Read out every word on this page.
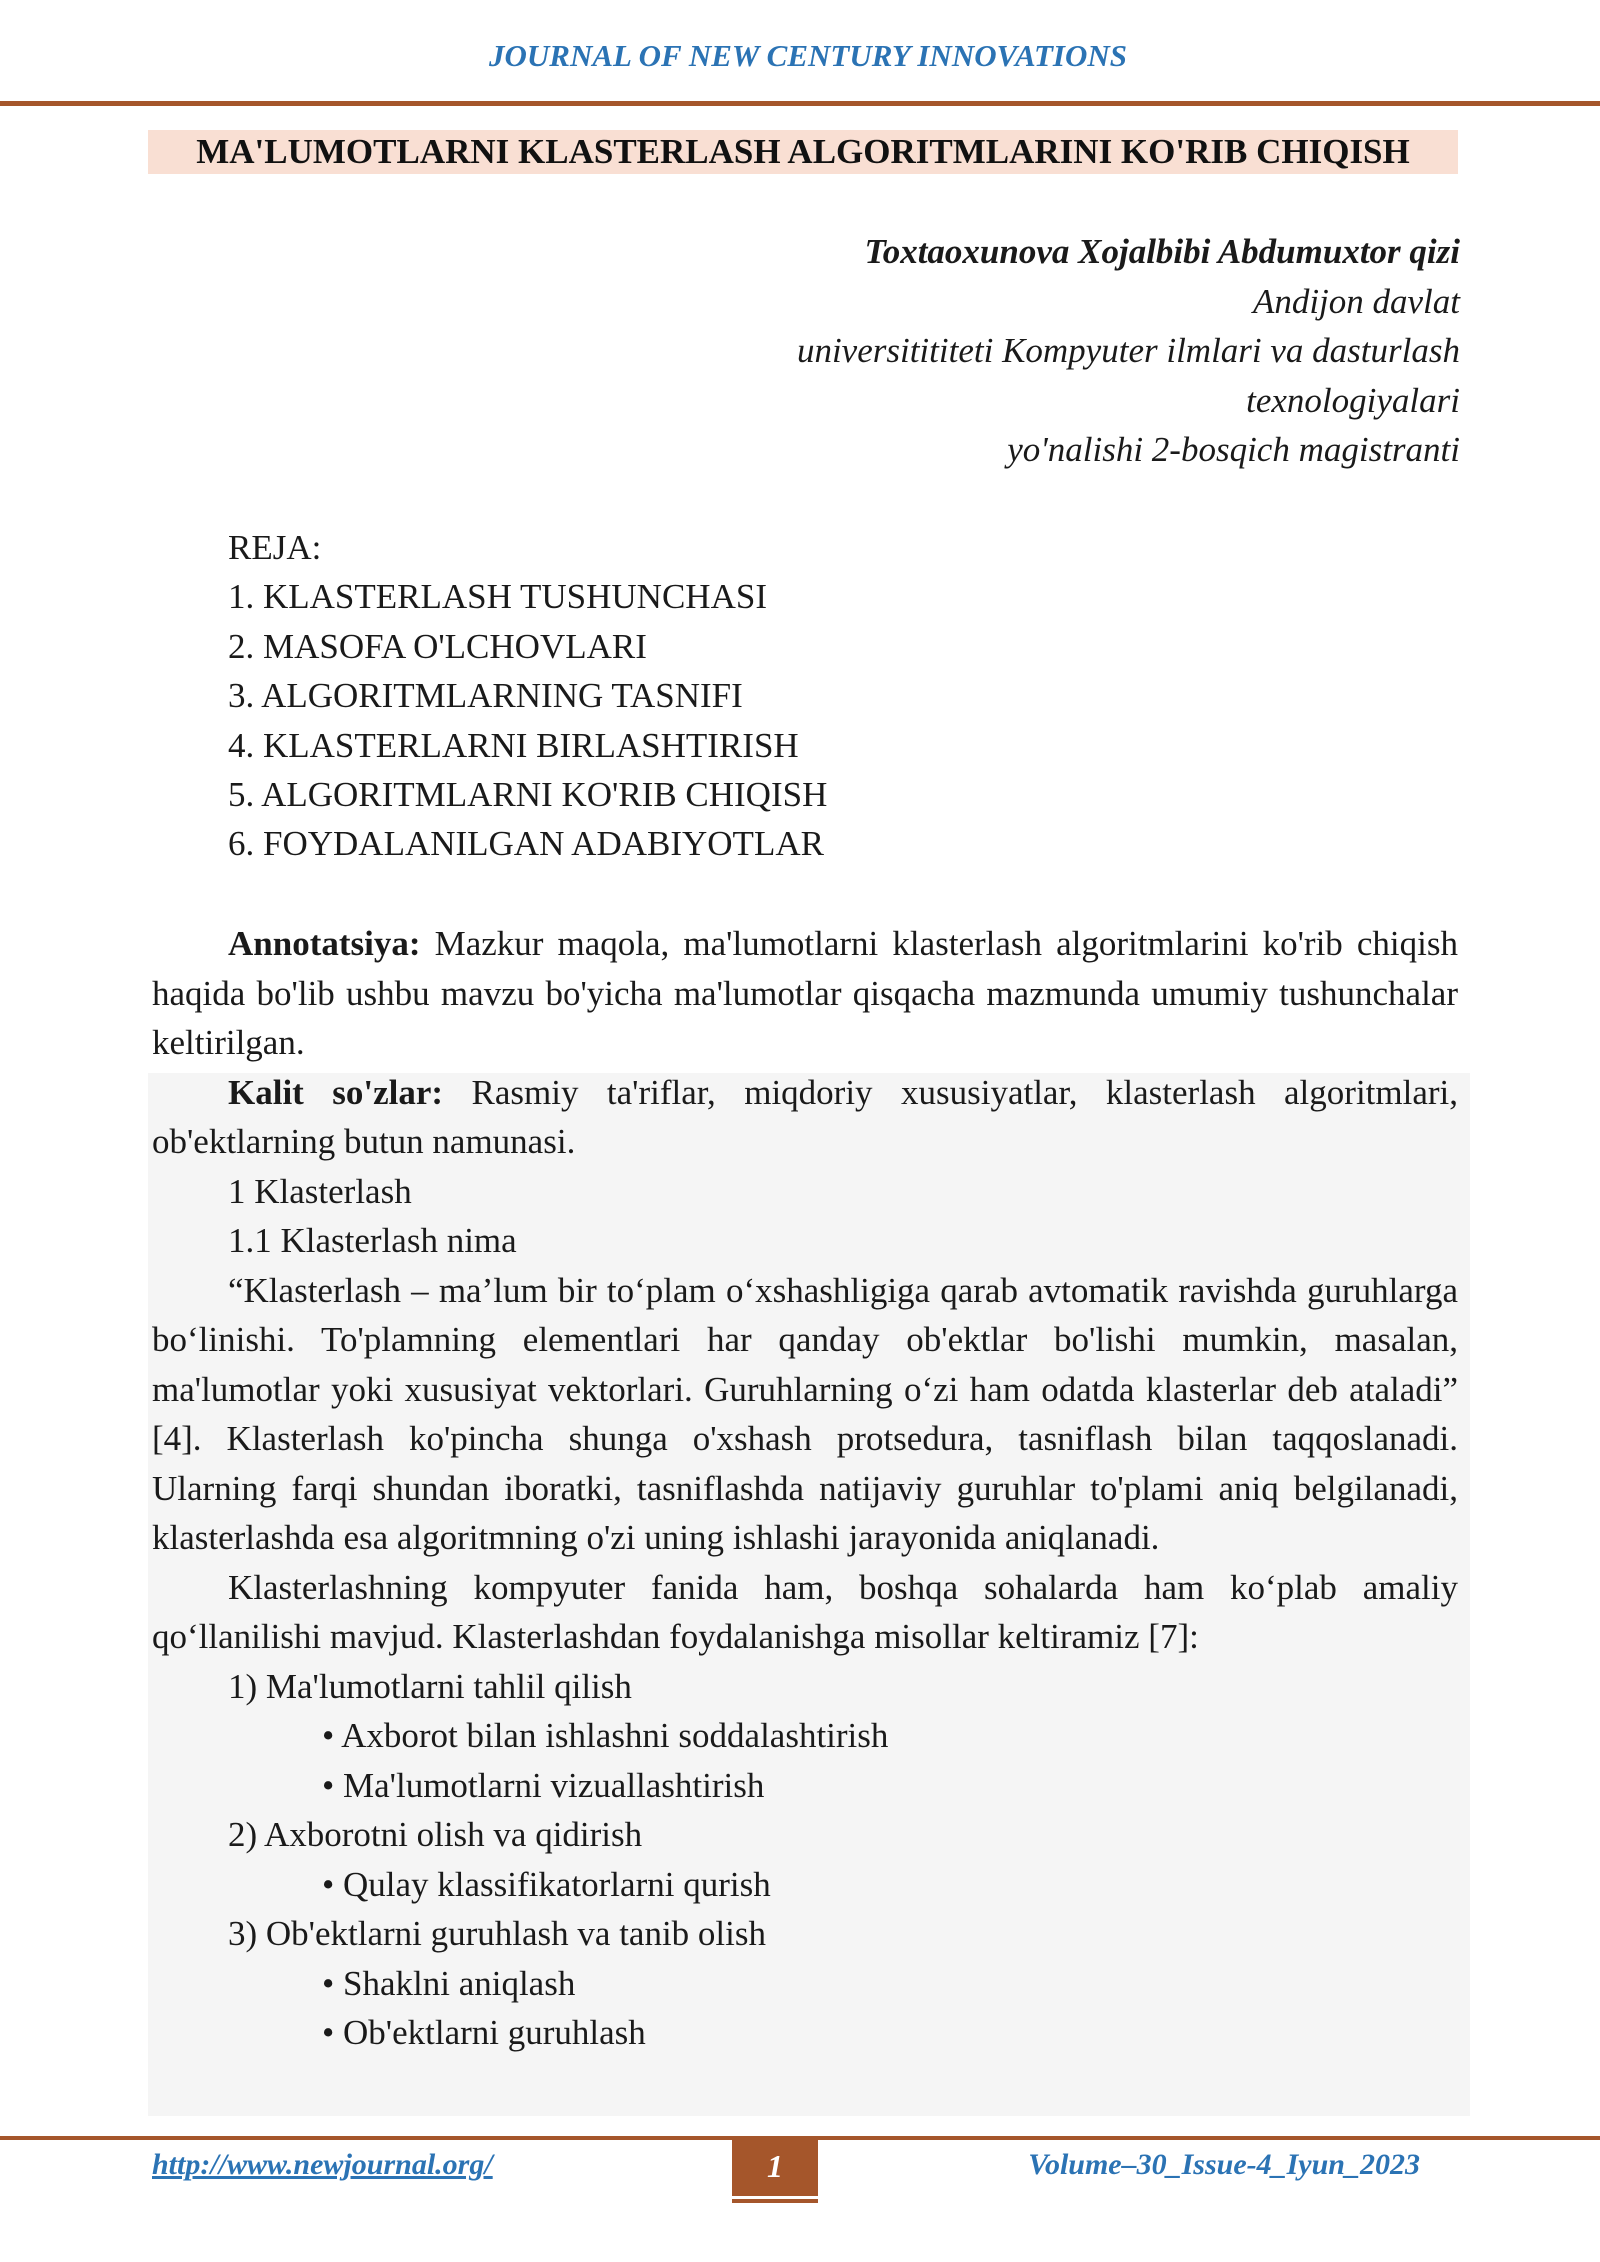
JOURNAL OF NEW CENTURY INNOVATIONS
MA'LUMOTLARNI KLASTERLASH ALGORITMLARINI KO'RIB CHIQISH
Toxtaoxunova Xojalbibi Abdumuxtor qizi
Andijon davlat
universitititeti Kompyuter ilmlari va dasturlash
texnologiyalari
yo'nalishi 2-bosqich magistranti
REJA:
1. KLASTERLASH TUSHUNCHASI
2. MASOFA O'LCHOVLARI
3. ALGORITMLARNING TASNIFI
4. KLASTERLARNI BIRLASHTIRISH
5. ALGORITMLARNI KO'RIB CHIQISH
6. FOYDALANILGAN ADABIYOTLAR

Annotatsiya: Mazkur maqola, ma'lumotlarni klasterlash algoritmlarini ko'rib chiqish haqida bo'lib ushbu mavzu bo'yicha ma'lumotlar qisqacha mazmunda umumiy tushunchalar keltirilgan.

Kalit so'zlar: Rasmiy ta'riflar, miqdoriy xususiyatlar, klasterlash algoritmlari, ob'ektlarning butun namunasi.

1 Klasterlash

1.1 Klasterlash nima

“Klasterlash – ma’lum bir to‘plam o‘xshashligiga qarab avtomatik ravishda guruhlarga bo‘linishi. To'plamning elementlari har qanday ob'ektlar bo'lishi mumkin, masalan, ma'lumotlar yoki xususiyat vektorlari. Guruhlarning o‘zi ham odatda klasterlar deb ataladi” [4]. Klasterlash ko'pincha shunga o'xshash protsedura, tasniflash bilan taqqoslanadi. Ularning farqi shundan iboratki, tasniflashda natijaviy guruhlar to'plami aniq belgilanadi, klasterlashda esa algoritmning o'zi uning ishlashi jarayonida aniqlanadi.

Klasterlashning kompyuter fanida ham, boshqa sohalarda ham ko‘plab amaliy qo‘llanilishi mavjud. Klasterlashdan foydalanishga misollar keltiramiz [7]:

1) Ma'lumotlarni tahlil qilish

• Axborot bilan ishlashni soddalashtirish

• Ma'lumotlarni vizuallashtirish

2) Axborotni olish va qidirish

• Qulay klassifikatorlarni qurish

3) Ob'ektlarni guruhlash va tanib olish

• Shaklni aniqlash

• Ob'ektlarni guruhlash

http://www.newjournal.org/	1	Volume–30_Issue-4_Iyun_2023
